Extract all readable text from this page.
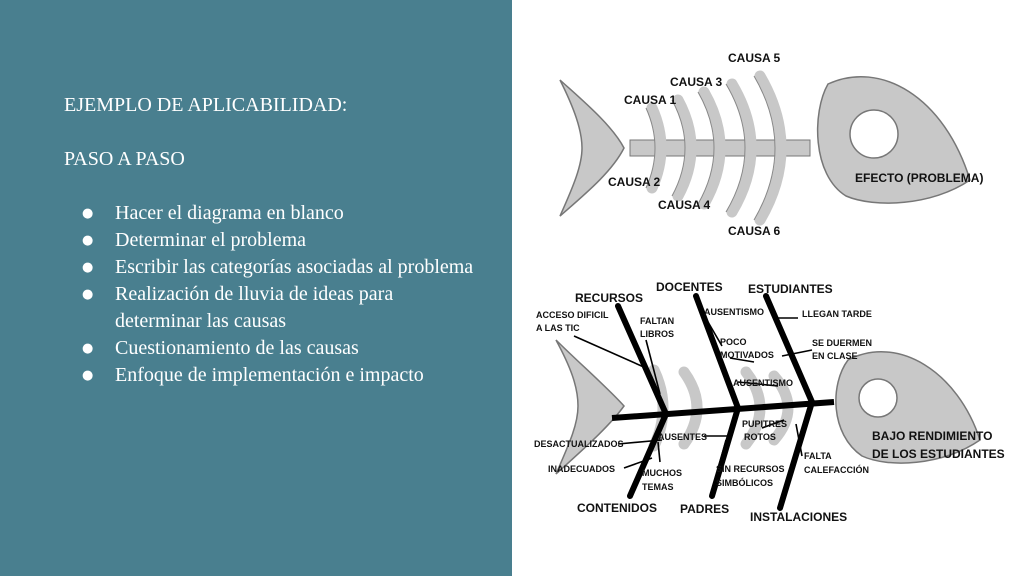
EJEMPLO DE APLICABILIDAD:

PASO A PASO

● Hacer el diagrama en blanco
● Determinar el problema
● Escribir las categorías asociadas al problema
● Realización de lluvia de ideas para determinar las causas
● Cuestionamiento de las causas
● Enfoque de implementación e impacto
CAUSA 1
CAUSA 2
CAUSA 3
CAUSA 4
CAUSA 5
CAUSA 6
EFECTO (PROBLEMA)
RECURSOS
DOCENTES ESTUDIANTES
CONTENIDOS PADRES
INSTALACIONES
ACCESO DIFICIL
A LAS TIC
FALTAN
LIBROS
AUSENTISMO
POCO
MOTIVADOS
LLEGAN TARDE
SE DUERMEN
EN CLASE
AUSENTISMO
DESACTUALIZADOS
INADECUADOS	MUCHOS
TEMAS
AUSENTES
SIN RECURSOS
SIMBÓLICOS
PUPITRES
ROTOS
FALTA
CALEFACCIÓN
BAJO RENDIMIENTO
DE LOS ESTUDIANTES
